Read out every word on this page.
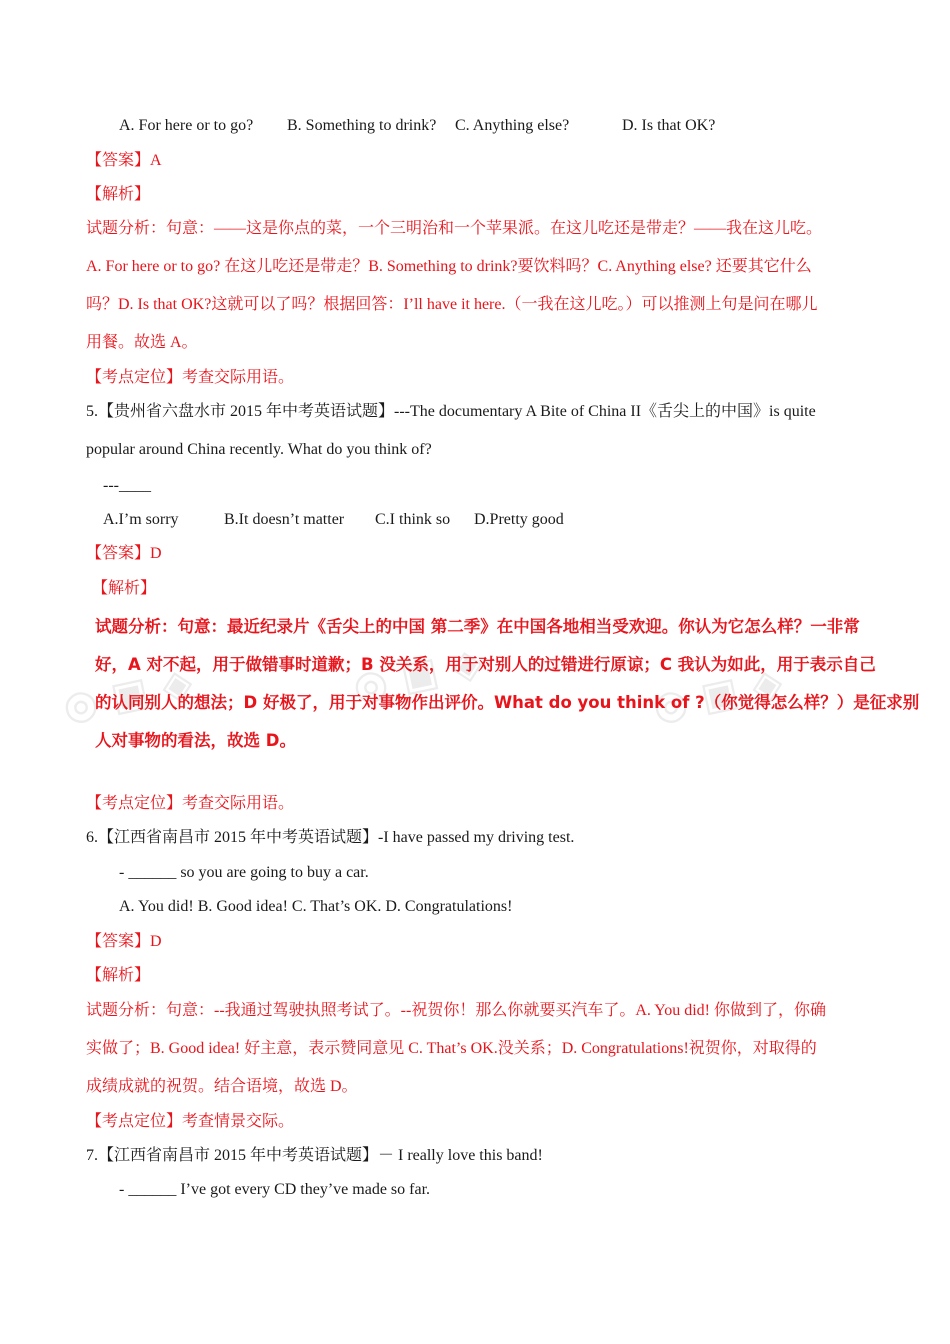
A. For here or to go? B. Something to drink? C. Anything else?	D. Is that OK?
【答案】A
【解析】
试题分析：句意：——这是你点的菜，一个三明治和一个苹果派。在这儿吃还是带走？——我在这儿吃。
A. For here or to go? 在这儿吃还是带走？B. Something to drink?要饮料吗？C. Anything else? 还要其它什么
吗？D. Is that OK?这就可以了吗？根据回答：I’ll have it here.（一我在这儿吃。）可以推测上句是问在哪儿
用餐。故选 A。
【考点定位】考查交际用语。
5.【贵州省六盘水市 2015 年中考英语试题】---The documentary A Bite of China II《舌尖上的中国》is quite
popular around China recently. What do you think of?
---____
A.I’m sorry	B.It doesn’t matter C.I think so D.Pretty good
【答案】D
【解析】
◎ ▣ ◈	◎ ▣ ◈	◎ ▣ ◈
试题分析：句意：最近纪录片《舌尖上的中国 第二季》在中国各地相当受欢迎。你认为它怎么样？一非常
好，A 对不起，用于做错事时道歉；B 没关系，用于对别人的过错进行原谅；C 我认为如此，用于表示自己
的认同别人的想法；D 好极了，用于对事物作出评价。What do you think of ?（你觉得怎么样？）是征求别
人对事物的看法，故选 D。
【考点定位】考查交际用语。
6.【江西省南昌市 2015 年中考英语试题】-I have passed my driving test.
- ______ so you are going to buy a car.
A. You did! B. Good idea! C. That’s OK. D. Congratulations!
【答案】D
【解析】
试题分析：句意：--我通过驾驶执照考试了。--祝贺你！那么你就要买汽车了。A. You did! 你做到了，你确
实做了；B. Good idea! 好主意，表示赞同意见 C. That’s OK.没关系；D. Congratulations!祝贺你，对取得的
成绩成就的祝贺。结合语境，故选 D。
【考点定位】考查情景交际。
7.【江西省南昌市 2015 年中考英语试题】－ I really love this band!
- ______ I’ve got every CD they’ve made so far.
